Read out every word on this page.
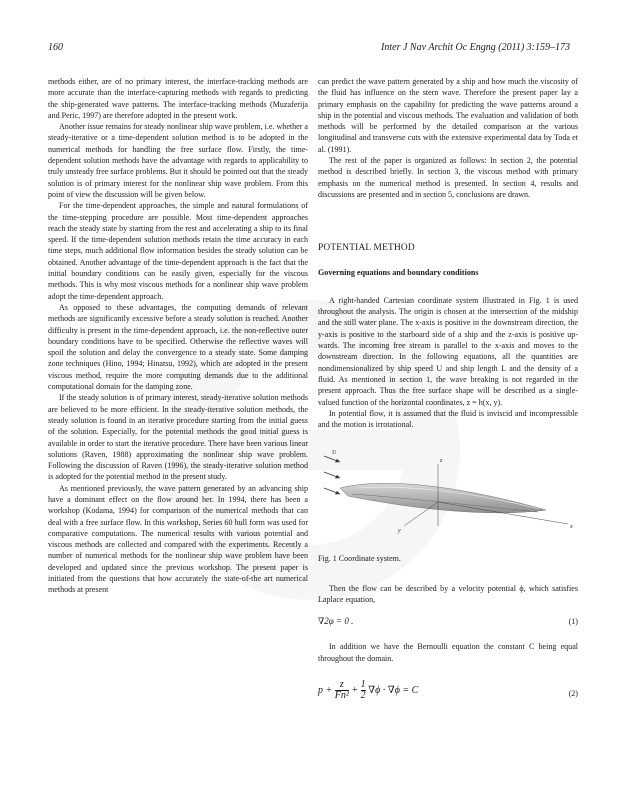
160	Inter J Nav Archit Oc Engng (2011) 3:159–173

methods either, are of no primary interest, the interface-tracking methods are more accurate than the interface-capturing methods with regards to predicting the ship-generated wave patterns. The interface-tracking methods (Muzaferija and Peric, 1997) are therefore adopted in the present work.

Another issue remains for steady nonlinear ship wave problem, i.e. whether a steady-iterative or a time-dependent solution method is to be adopted in the numerical methods for handling the free surface flow. Firstly, the time-dependent solution methods have the advantage with regards to applicability to truly unsteady free surface problems. But it should be pointed out that the steady solution is of primary interest for the nonlinear ship wave problem. From this point of view the discussion will be given below.

For the time-dependent approaches, the simple and natural formulations of the time-stepping procedure are possible. Most time-dependent approaches reach the steady state by starting from the rest and accelerating a ship to its final speed. If the time-dependent solution methods retain the time accuracy in each time steps, much additional flow information besides the steady solution can be obtained. Another advantage of the time-dependent approach is the fact that the initial boundary conditions can be easily given, especially for the viscous methods. This is why most viscous methods for a nonlinear ship wave problem adopt the time-dependent approach.

As opposed to these advantages, the computing demands of relevant methods are significantly excessive before a steady solution is reached. Another difficulty is present in the time-dependent approach, i.e. the non-reflective outer boundary conditions have to be specified. Otherwise the reflective waves will spoil the solution and delay the convergence to a steady state. Some damping zone techniques (Hino, 1994; Hinatsu, 1992), which are adopted in the present viscous method, require the more computing demands due to the additional computational domain for the damping zone.

If the steady solution is of primary interest, steady-iterative solution methods are believed to be more efficient. In the steady-iterative solution methods, the steady solution is found in an iterative procedure starting from the initial guess of the solution. Especially, for the potential methods the good initial guess is available in order to start the iterative procedure. There have been various linear solutions (Raven, 1988) approximating the nonlinear ship wave problem. Following the discussion of Raven (1996), the steady-iterative solution method is adopted for the potential method in the present study.

As mentioned previously, the wave pattern generated by an advancing ship have a dominant effect on the flow around her. In 1994, there has been a workshop (Kodama, 1994) for comparison of the numerical methods that can deal with a free surface flow. In this workshop, Series 60 hull form was used for comparative computations. The numerical results with various potential and viscous methods are collected and compared with the experiments. Recently a number of numerical methods for the nonlinear ship wave problem have been developed and updated since the previous workshop. The present paper is initiated from the questions that how accurately the state-of-the art numerical methods at present

can predict the wave pattern generated by a ship and how much the viscosity of the fluid has influence on the stern wave. Therefore the present paper lay a primary emphasis on the capability for predicting the wave patterns around a ship in the potential and viscous methods. The evaluation and validation of both methods will be performed by the detailed comparison at the various longitudinal and transverse cuts with the extensive experimental data by Toda et al. (1991).

The rest of the paper is organized as follows: In section 2, the potential method is described briefly. In section 3, the viscous method with primary emphasis on the numerical method is presented. In section 4, results and discussions are presented and in section 5, conclusions are drawn.

POTENTIAL METHOD
Governing equations and boundary conditions

A right-handed Cartesian coordinate system illustrated in Fig. 1 is used throughout the analysis. The origin is chosen at the intersection of the midship and the still water plane. The x-axis is positive in the downstream direction, the y-axis is positive to the starboard side of a ship and the z-axis is positive up-wards. The incoming free stream is parallel to the x-axis and moves to the downstream direction. In the following equations, all the quantities are nondimensionalized by ship speed U and ship length L and the density of a fluid. As mentioned in section 1, the wave breaking is not regarded in the present approach. Thus the free surface shape will be described as a single-valued function of the horizontal coordinates, z = h(x, y).

In potential flow, it is assumed that the fluid is inviscid and incompressible and the motion is irrotational.

U
x
y
z
Fig. 1 Coordinate system.

Then the flow can be described by a velocity potential ϕ, which satisfies Laplace equation,

∇2φ = 0 .	(1)

In addition we have the Bernoulli equation the constant C being equal throughout the domain.

$p + \frac{z}{\text{Fn²}} + \frac{1}{2} \nabla\phi \cdot \nabla\phi = C$	(2)
